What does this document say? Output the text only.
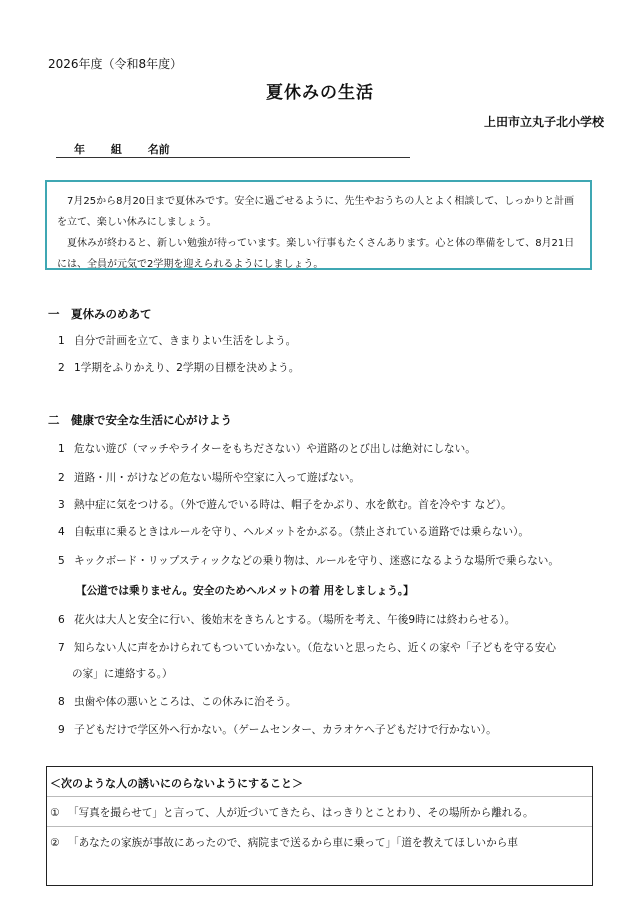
2026年度（令和8年度）
夏休みの生活
上田市立丸子北小学校
年 組 名前

7月25から8月20日まで夏休みです。安全に過ごせるように、先生やおうちの人とよく相談して、しっかりと計画を立て、楽しい休みにしましょう。

夏休みが終わると、新しい勉強が待っています。楽しい行事もたくさんあります。心と体の準備をして、8月21日には、全員が元気で2学期を迎えられるようにしましょう。

一　夏休みのめあて
1 自分で計画を立て、きまりよい生活をしよう。
2 1学期をふりかえり、2学期の目標を決めよう。
二　健康で安全な生活に心がけよう
1 危ない遊び（マッチやライターをもちださない）や道路のとび出しは絶対にしない。
2 道路・川・がけなどの危ない場所や空家に入って遊ばない。
3 熱中症に気をつける。（外で遊んでいる時は、帽子をかぶり、水を飲む。首を冷やす など）。
4 自転車に乗るときはルールを守り、ヘルメットをかぶる。（禁止されている道路では乗らない）。
5 キックボード・リップスティックなどの乗り物は、ルールを守り、迷惑になるような場所で乗らない。
【公道では乗りません。安全のためヘルメットの着 用をしましょう。】
6 花火は大人と安全に行い、後始末をきちんとする。（場所を考え、午後9時には終わらせる）。
7 知らない人に声をかけられてもついていかない。（危ないと思ったら、近くの家や「子どもを守る安心
の家」に連絡する。）
8 虫歯や体の悪いところは、この休みに治そう。
9 子どもだけで学区外へ行かない。（ゲームセンター、カラオケへ子どもだけで行かない）。
＜次のような人の誘いにのらないようにすること＞
① 「写真を撮らせて」と言って、人が近づいてきたら、はっきりとことわり、その場所から離れる。
② 「あなたの家族が事故にあったので、病院まで送るから車に乗って」「道を教えてほしいから車
